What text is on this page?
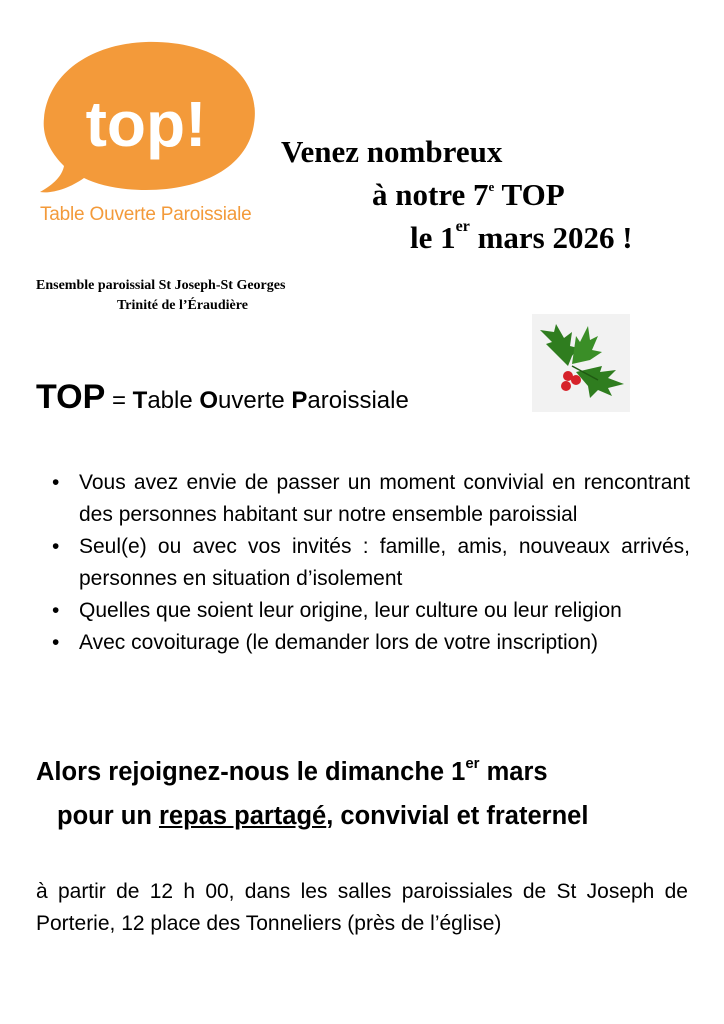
top!
Table Ouverte Paroissiale
Venez nombreux
à notre 7e TOP
le 1er mars 2026 !
Ensemble paroissial St Joseph-St Georges
Trinité de l’Éraudière
TOP = Table Ouverte Paroissiale
• Vous avez envie de passer un moment convivial en rencontrant des personnes habitant sur notre ensemble paroissial
• Seul(e) ou avec vos invités : famille, amis, nouveaux arrivés, personnes en situation d’isolement
• Quelles que soient leur origine, leur culture ou leur religion
• Avec covoiturage (le demander lors de votre inscription)
Alors rejoignez-nous le dimanche 1er mars
pour un repas partagé, convivial et fraternel
à partir de 12 h 00, dans les salles paroissiales de St Joseph de Porterie, 12 place des Tonneliers (près de l’église)
